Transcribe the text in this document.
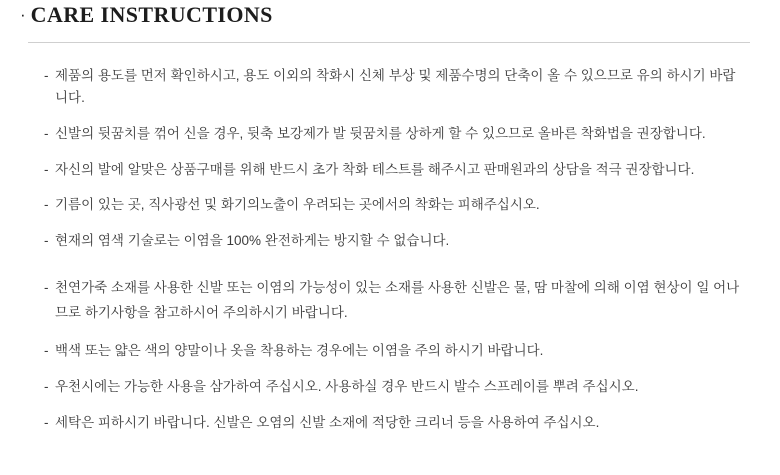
· CARE INSTRUCTIONS
- 제품의 용도를 먼저 확인하시고, 용도 이외의 착화시 신체 부상 및 제품수명의 단축이 올 수 있으므로 유의 하시기 바랍니다.
- 신발의 뒷꿈치를 꺾어 신을 경우, 뒷축 보강제가 발 뒷꿈치를 상하게 할 수 있으므로 올바른 착화법을 권장합니다.
- 자신의 발에 알맞은 상품구매를 위해 반드시 초가 착화 테스트를 해주시고 판매원과의 상담을 적극 권장합니다.
- 기름이 있는 곳, 직사광선 및 화기의노출이 우려되는 곳에서의 착화는 피해주십시오.
- 현재의 염색 기술로는 이염을 100% 완전하게는 방지할 수 없습니다.
- 천연가죽 소재를 사용한 신발 또는 이염의 가능성이 있는 소재를 사용한 신발은 물, 땀 마찰에 의해 이염 현상이 일 어나므로 하기사항을 참고하시어 주의하시기 바랍니다.
- 백색 또는 얇은 색의 양말이나 옷을 착용하는 경우에는 이염을 주의 하시기 바랍니다.
- 우천시에는 가능한 사용을 삼가하여 주십시오. 사용하실 경우 반드시 발수 스프레이를 뿌려 주십시오.
- 세탁은 피하시기 바랍니다. 신발은 오염의 신발 소재에 적당한 크리너 등을 사용하여 주십시오.
